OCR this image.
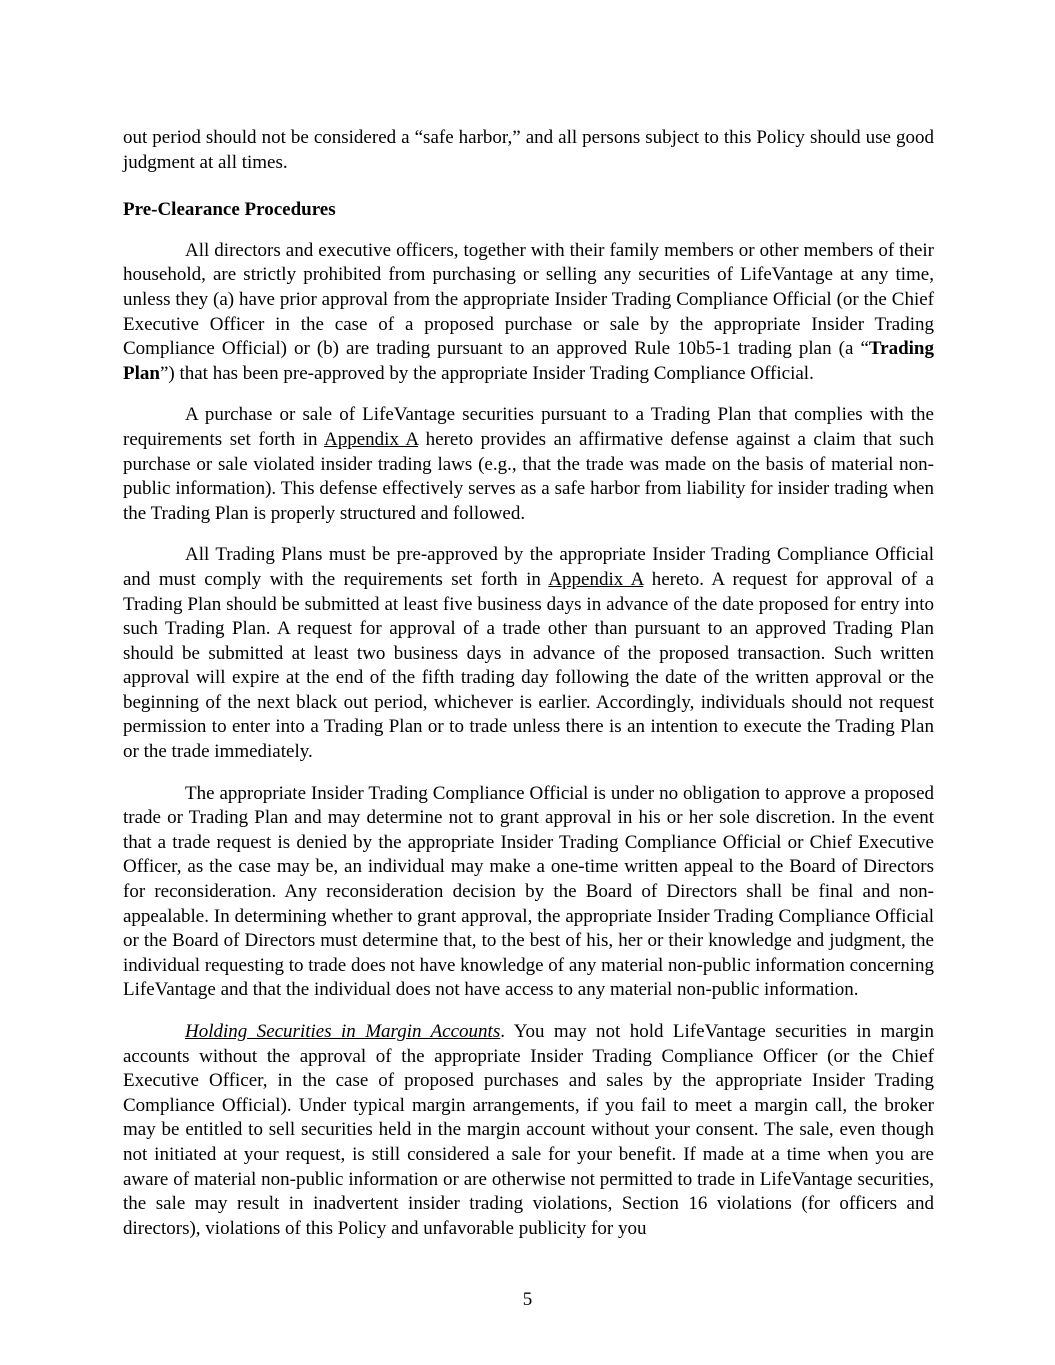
out period should not be considered a “safe harbor,” and all persons subject to this Policy should use good judgment at all times.

Pre-Clearance Procedures

All directors and executive officers, together with their family members or other members of their household, are strictly prohibited from purchasing or selling any securities of LifeVantage at any time, unless they (a) have prior approval from the appropriate Insider Trading Compliance Official (or the Chief Executive Officer in the case of a proposed purchase or sale by the appropriate Insider Trading Compliance Official) or (b) are trading pursuant to an approved Rule 10b5-1 trading plan (a “Trading Plan”) that has been pre-approved by the appropriate Insider Trading Compliance Official.

A purchase or sale of LifeVantage securities pursuant to a Trading Plan that complies with the requirements set forth in Appendix A hereto provides an affirmative defense against a claim that such purchase or sale violated insider trading laws (e.g., that the trade was made on the basis of material non-public information). This defense effectively serves as a safe harbor from liability for insider trading when the Trading Plan is properly structured and followed.

All Trading Plans must be pre-approved by the appropriate Insider Trading Compliance Official and must comply with the requirements set forth in Appendix A hereto. A request for approval of a Trading Plan should be submitted at least five business days in advance of the date proposed for entry into such Trading Plan. A request for approval of a trade other than pursuant to an approved Trading Plan should be submitted at least two business days in advance of the proposed transaction. Such written approval will expire at the end of the fifth trading day following the date of the written approval or the beginning of the next black out period, whichever is earlier. Accordingly, individuals should not request permission to enter into a Trading Plan or to trade unless there is an intention to execute the Trading Plan or the trade immediately.

The appropriate Insider Trading Compliance Official is under no obligation to approve a proposed trade or Trading Plan and may determine not to grant approval in his or her sole discretion. In the event that a trade request is denied by the appropriate Insider Trading Compliance Official or Chief Executive Officer, as the case may be, an individual may make a one-time written appeal to the Board of Directors for reconsideration. Any reconsideration decision by the Board of Directors shall be final and non-appealable. In determining whether to grant approval, the appropriate Insider Trading Compliance Official or the Board of Directors must determine that, to the best of his, her or their knowledge and judgment, the individual requesting to trade does not have knowledge of any material non-public information concerning LifeVantage and that the individual does not have access to any material non-public information.

Holding Securities in Margin Accounts. You may not hold LifeVantage securities in margin accounts without the approval of the appropriate Insider Trading Compliance Officer (or the Chief Executive Officer, in the case of proposed purchases and sales by the appropriate Insider Trading Compliance Official). Under typical margin arrangements, if you fail to meet a margin call, the broker may be entitled to sell securities held in the margin account without your consent. The sale, even though not initiated at your request, is still considered a sale for your benefit. If made at a time when you are aware of material non-public information or are otherwise not permitted to trade in LifeVantage securities, the sale may result in inadvertent insider trading violations, Section 16 violations (for officers and directors), violations of this Policy and unfavorable publicity for you

5
